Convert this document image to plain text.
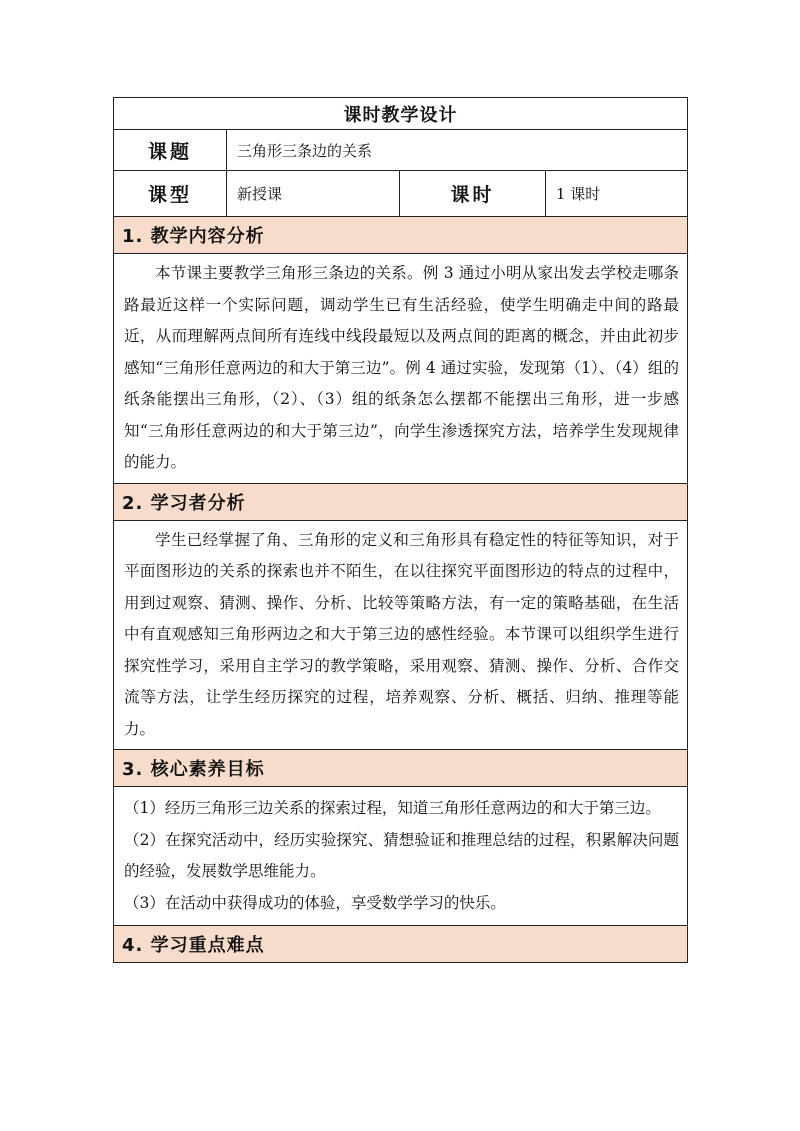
课时教学设计			
课题	三角形三条边的关系		
课型	新授课	课时	1 课时
1. 教学内容分析			

本节课主要教学三角形三条边的关系。例 3 通过小明从家出发去学校走哪条路最近这样一个实际问题，调动学生已有生活经验，使学生明确走中间的路最近，从而理解两点间所有连线中线段最短以及两点间的距离的概念，并由此初步感知“三角形任意两边的和大于第三边”。例 4 通过实验，发现第（1）、（4）组的纸条能摆出三角形，（2）、（3）组的纸条怎么摆都不能摆出三角形，进一步感知“三角形任意两边的和大于第三边”，向学生渗透探究方法，培养学生发现规律的能力。			

2. 学习者分析			

学生已经掌握了角、三角形的定义和三角形具有稳定性的特征等知识，对于平面图形边的关系的探索也并不陌生，在以往探究平面图形边的特点的过程中，用到过观察、猜测、操作、分析、比较等策略方法，有一定的策略基础，在生活中有直观感知三角形两边之和大于第三边的感性经验。本节课可以组织学生进行探究性学习，采用自主学习的教学策略，采用观察、猜测、操作、分析、合作交流等方法，让学生经历探究的过程，培养观察、分析、概括、归纳、推理等能力。			

3. 核心素养目标			

（1）经历三角形三边关系的探索过程，知道三角形任意两边的和大于第三边。

（2）在探究活动中，经历实验探究、猜想验证和推理总结的过程，积累解决问题的经验，发展数学思维能力。

（3）在活动中获得成功的体验，享受数学学习的快乐。			

4. 学习重点难点			
